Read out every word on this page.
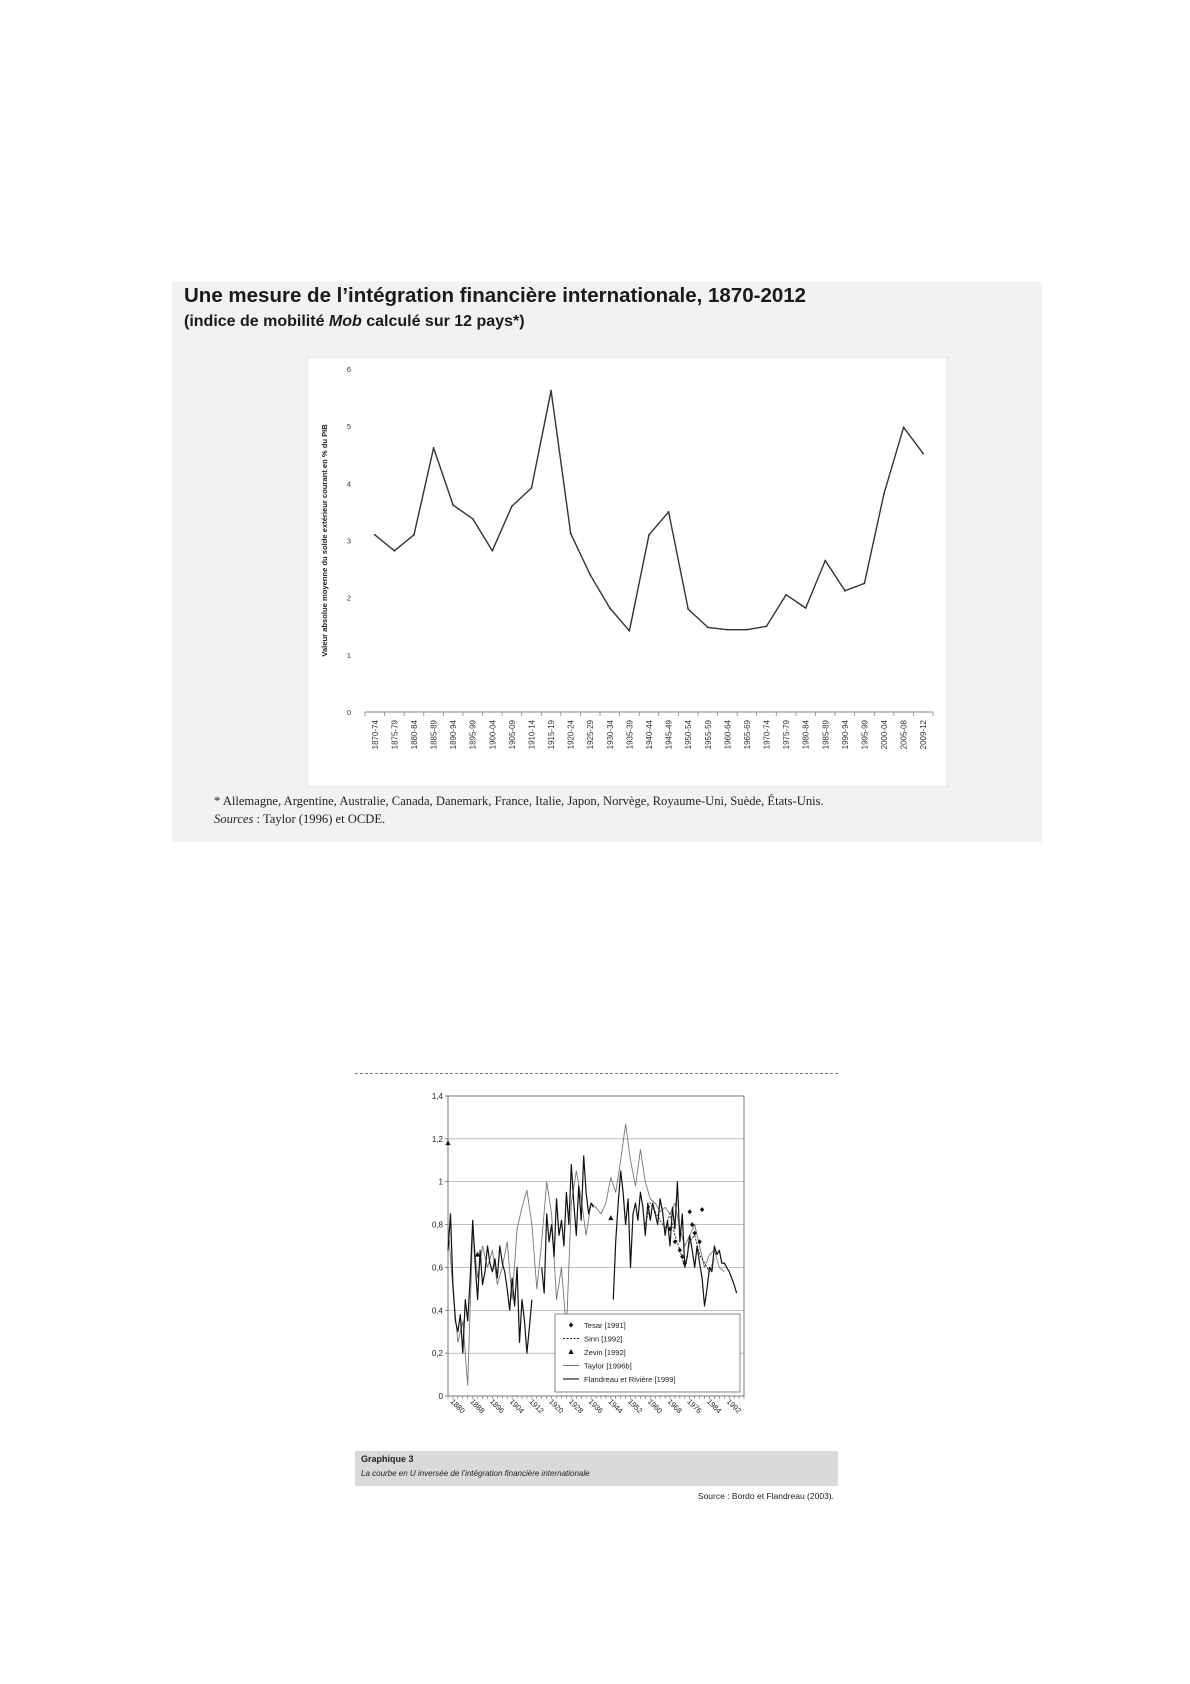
Une mesure de l’intégration financière internationale, 1870-2012
(indice de mobilité Mob calculé sur 12 pays*)
0
1
2
3
4
5
6
1870-74 1875-79 1880-84 1885-89 1890-94 1895-99 1900-04 1905-09 1910-14 1915-19 1920-24 1925-29 1930-34 1935-39 1940-44 1945-49 1950-54 1955-59 1960-64 1965-69 1970-74 1975-79 1980-84 1985-89 1990-94 1995-99 2000-04 2005-08 2009-12
Valeur absolue moyenne du solde extérieur courant en % du PIB
* Allemagne, Argentine, Australie, Canada, Danemark, France, Italie, Japon, Norvège, Royaume-Uni, Suède, États-Unis.
Sources : Taylor (1996) et OCDE.
0
0,2
0,4
0,6
0,8
1
1,2
1,4
1880 1888 1896 1904 1912 1920 1928 1936 1944 1952 1960 1968 1976 1984 1992
Tesar [1991]
Sinn [1992]
Zevin [1992]
Taylor [1996b]
Flandreau et Rivière [1999]
Graphique 3
La courbe en U inversée de l’intégration financière internationale
Source : Bordo et Flandreau (2003).
